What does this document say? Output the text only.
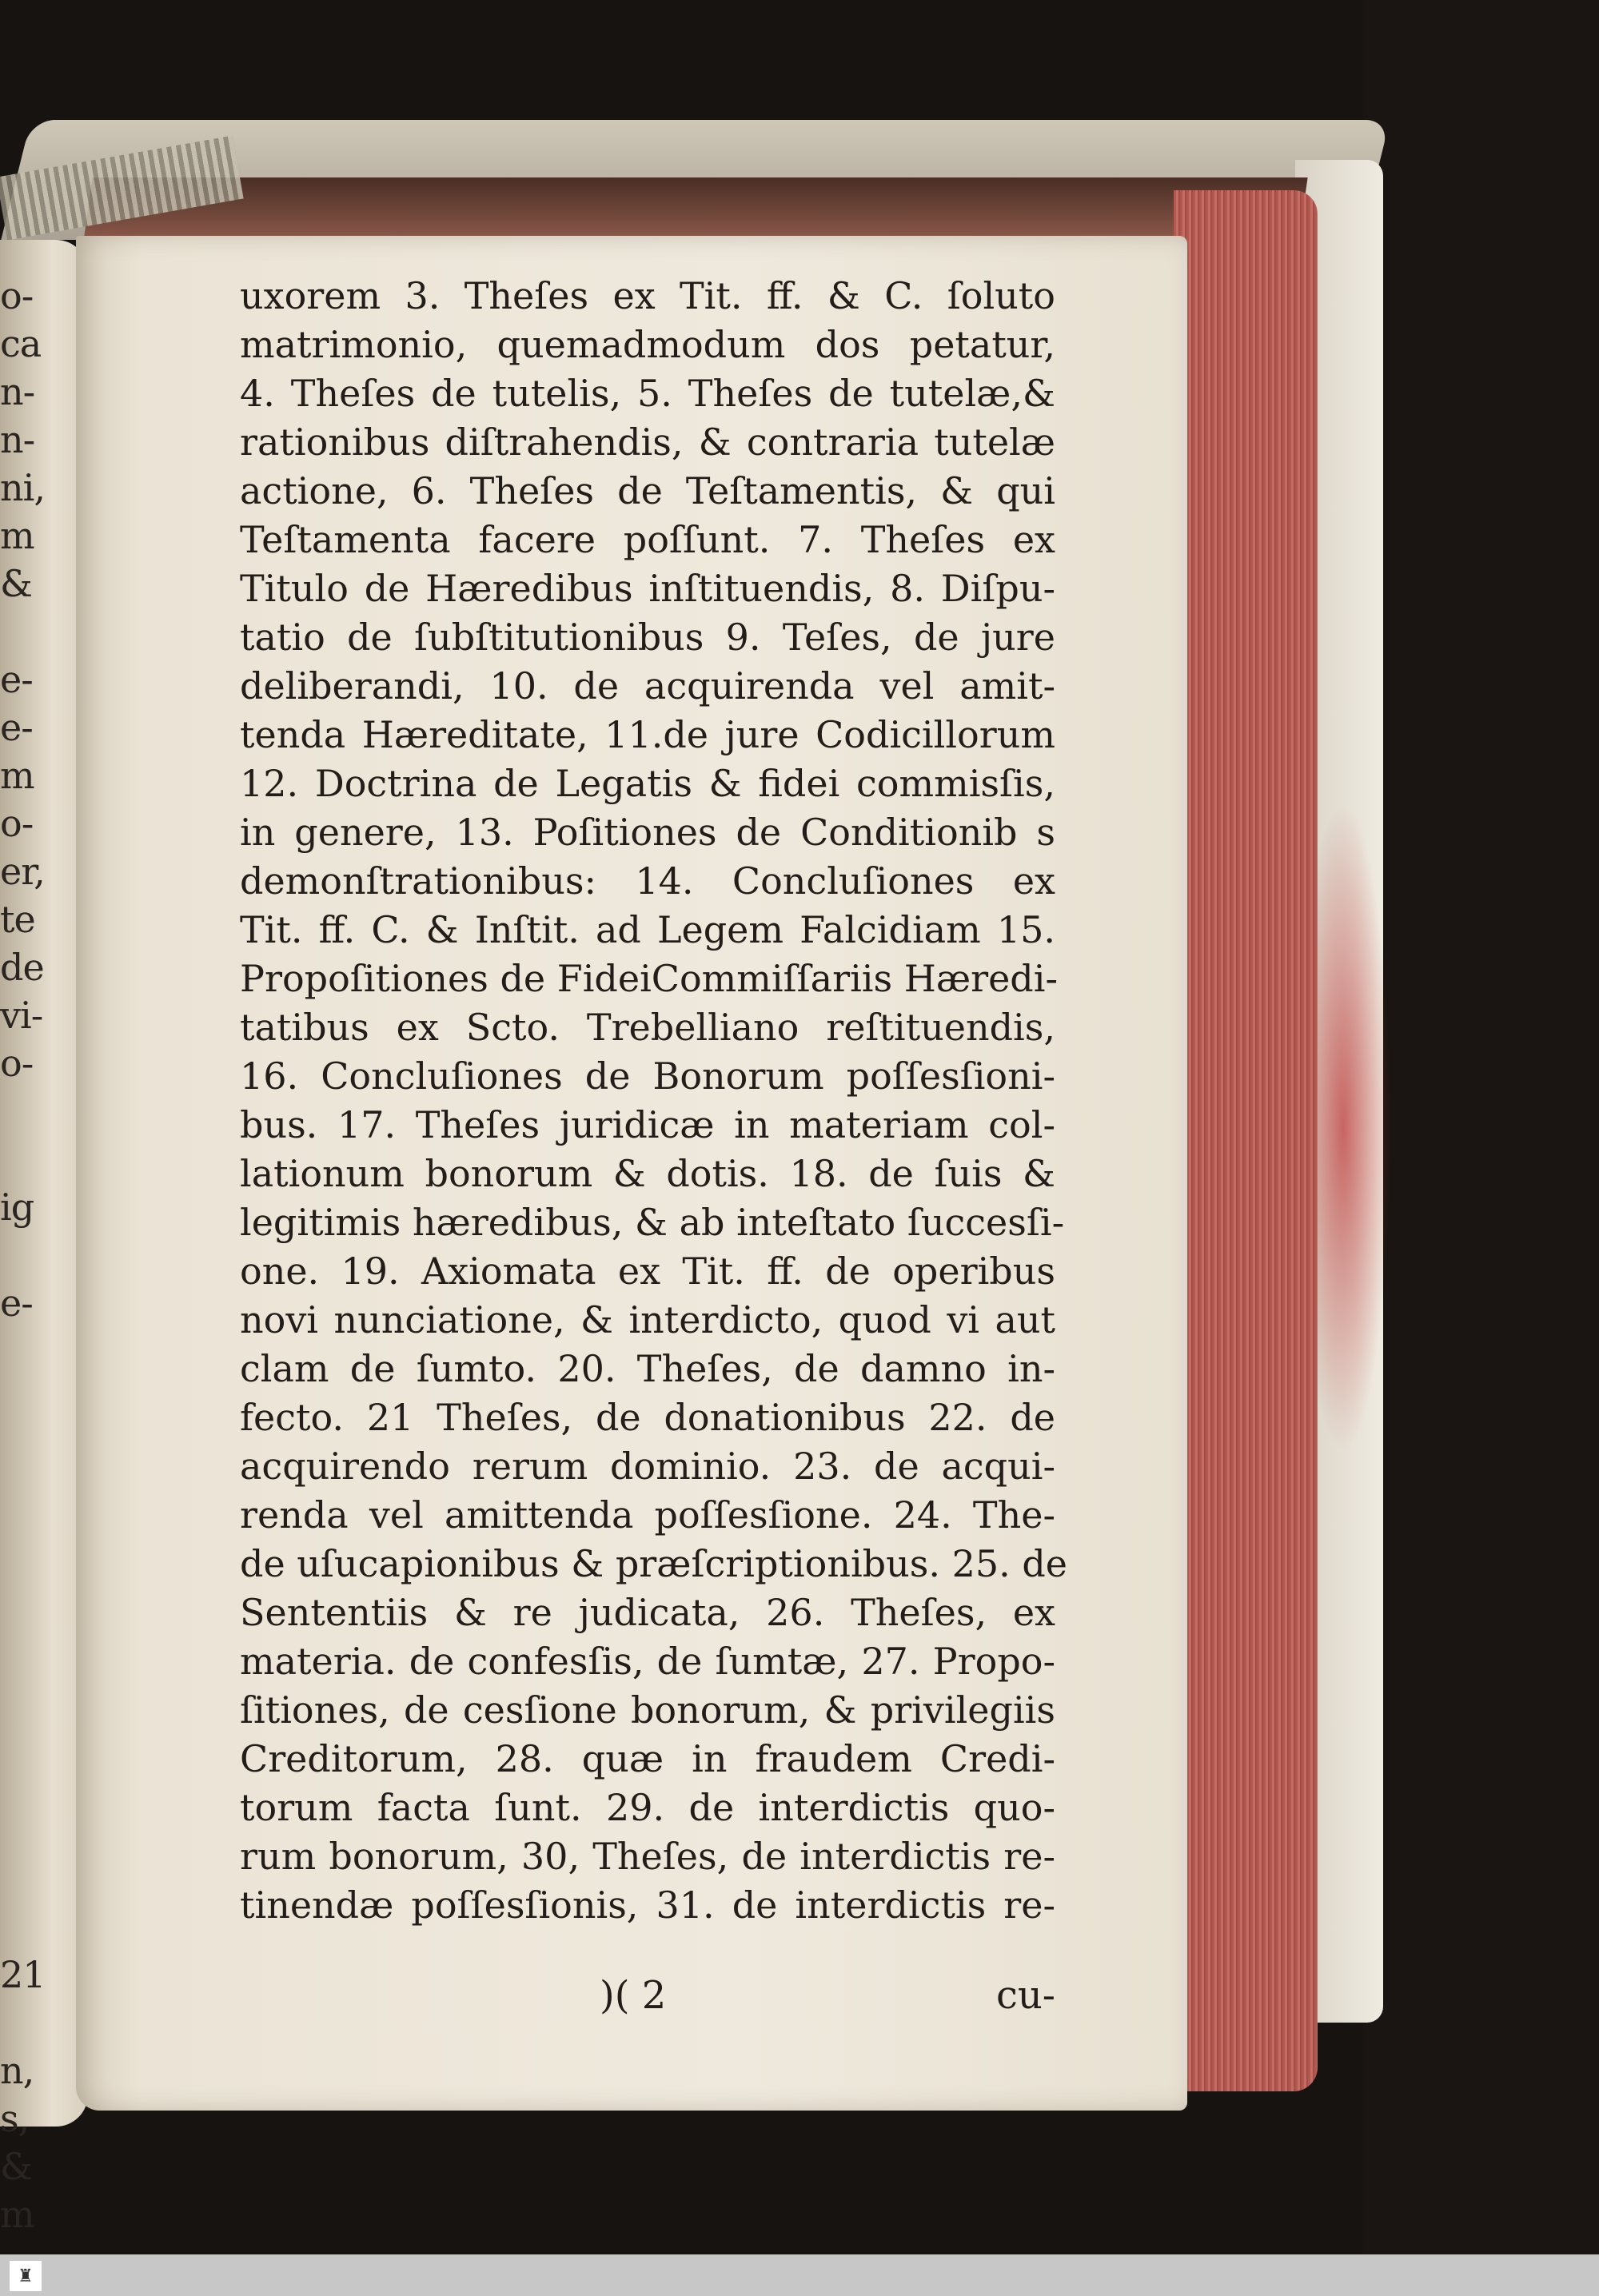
o-
ca
n-
n-
ni,
m
&
e-
e-
m
o-
er,
te
de
vi-
o-
ig
e-
21
n,
s,
&
m
uxorem 3. Theſes ex Tit. ff. & C. ſoluto
matrimonio, quemadmodum dos petatur,
4. Theſes de tutelis, 5. Theſes de tutelæ,&
rationibus diſtrahendis, & contraria tutelæ
actione, 6. Theſes de Teſtamentis, & qui
Teſtamenta facere poſſunt. 7. Theſes ex
Titulo de Hæredibus inſtituendis, 8. Diſpu-
tatio de ſubſtitutionibus 9. Teſes, de jure
deliberandi, 10. de acquirenda vel amit-
tenda Hæreditate, 11.de jure Codicillorum
12. Doctrina de Legatis & fidei commisſis,
in genere, 13. Poſitiones de Conditionib s
demonſtrationibus: 14. Concluſiones ex
Tit. ff. C. & Inſtit. ad Legem Falcidiam 15.
Propoſitiones de FideiCommiſſariis Hæredi-
tatibus ex Scto. Trebelliano reſtituendis,
16. Concluſiones de Bonorum poſſesſioni-
bus. 17. Theſes juridicæ in materiam col-
lationum bonorum & dotis. 18. de ſuis &
legitimis hæredibus, & ab inteſtato ſuccesſi-
one. 19. Axiomata ex Tit. ff. de operibus
novi nunciatione, & interdicto, quod vi aut
clam de ſumto. 20. Theſes, de damno in-
fecto. 21 Theſes, de donationibus 22. de
acquirendo rerum dominio. 23. de acqui-
renda vel amittenda poſſesſione. 24. The-
de uſucapionibus & præſcriptionibus. 25. de
Sententiis & re judicata, 26. Theſes, ex
materia. de confesſis, de ſumtæ, 27. Propo-
ſitiones, de cesſione bonorum, & privilegiis
Creditorum, 28. quæ in fraudem Credi-
torum facta ſunt. 29. de interdictis quo-
rum bonorum, 30, Theſes, de interdictis re-
tinendæ poſſesſionis, 31. de interdictis re-
)( 2	cu-
♜
